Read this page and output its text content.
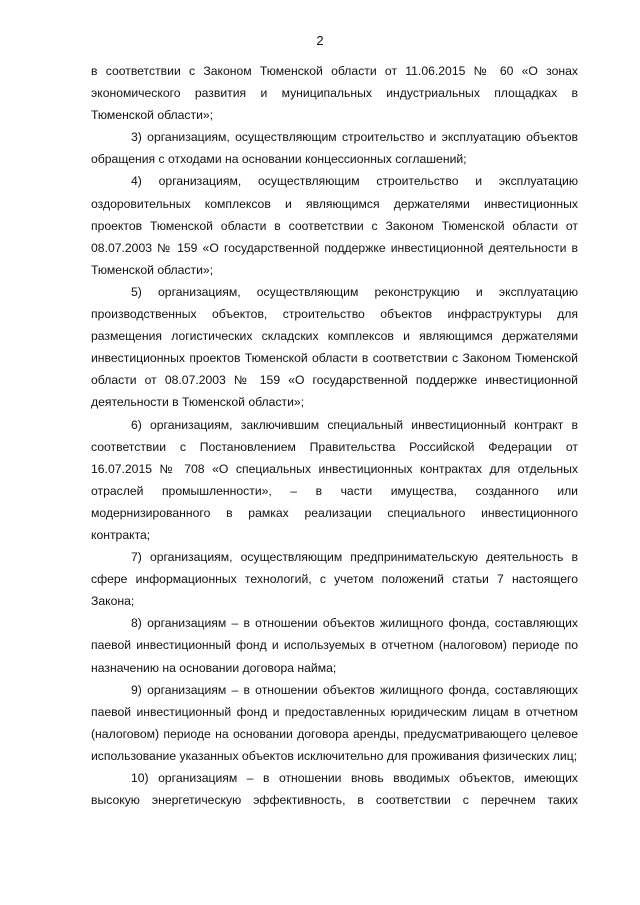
2

в соответствии с Законом Тюменской области от 11.06.2015 № 60 «О зонах экономического развития и муниципальных индустриальных площадках в Тюменской области»;

3) организациям, осуществляющим строительство и эксплуатацию объектов обращения с отходами на основании концессионных соглашений;

4) организациям, осуществляющим строительство и эксплуатацию оздоровительных комплексов и являющимся держателями инвестиционных проектов Тюменской области в соответствии с Законом Тюменской области от 08.07.2003 № 159 «О государственной поддержке инвестиционной деятельности в Тюменской области»;

5) организациям, осуществляющим реконструкцию и эксплуатацию производственных объектов, строительство объектов инфраструктуры для размещения логистических складских комплексов и являющимся держателями инвестиционных проектов Тюменской области в соответствии с Законом Тюменской области от 08.07.2003 № 159 «О государственной поддержке инвестиционной деятельности в Тюменской области»;

6) организациям, заключившим специальный инвестиционный контракт в соответствии с Постановлением Правительства Российской Федерации от 16.07.2015 № 708 «О специальных инвестиционных контрактах для отдельных отраслей промышленности», – в части имущества, созданного или модернизированного в рамках реализации специального инвестиционного контракта;

7) организациям, осуществляющим предпринимательскую деятельность в сфере информационных технологий, с учетом положений статьи 7 настоящего Закона;

8) организациям – в отношении объектов жилищного фонда, составляющих паевой инвестиционный фонд и используемых в отчетном (налоговом) периоде по назначению на основании договора найма;

9) организациям – в отношении объектов жилищного фонда, составляющих паевой инвестиционный фонд и предоставленных юридическим лицам в отчетном (налоговом) периоде на основании договора аренды, предусматривающего целевое использование указанных объектов исключительно для проживания физических лиц;

10) организациям – в отношении вновь вводимых объектов, имеющих высокую энергетическую эффективность, в соответствии с перечнем таких
